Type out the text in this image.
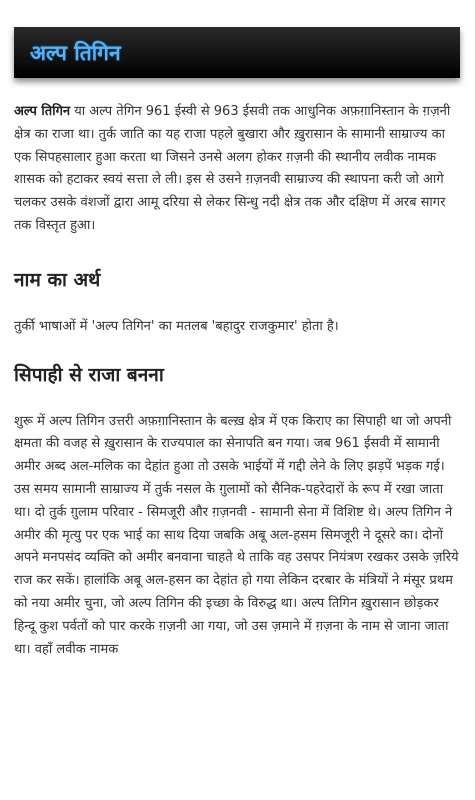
अल्प तिगिन

अल्प तिगिन या अल्प तेगिन 961 ईस्वी से 963 ईसवी तक आधुनिक अफ़ग़ानिस्तान के ग़ज़नी क्षेत्र का राजा था। तुर्क जाति का यह राजा पहले बुखारा और ख़ुरासान के सामानी साम्राज्य का एक सिपहसालार हुआ करता था जिसने उनसे अलग होकर ग़ज़नी की स्थानीय लवीक नामक शासक को हटाकर स्वयं सत्ता ले ली। इस से उसने ग़ज़नवी साम्राज्य की स्थापना करी जो आगे चलकर उसके वंशजों द्वारा आमू दरिया से लेकर सिन्धु नदी क्षेत्र तक और दक्षिण में अरब सागर तक विस्तृत हुआ।

नाम का अर्थ

तुर्की भाषाओं में 'अल्प तिगिन' का मतलब 'बहादुर राजकुमार' होता है।

सिपाही से राजा बनना

शुरू में अल्प तिगिन उत्तरी अफ़ग़ानिस्तान के बल्ख़ क्षेत्र में एक किराए का सिपाही था जो अपनी क्षमता की वजह से ख़ुरासान के राज्यपाल का सेनापति बन गया। जब 961 ईसवी में सामानी अमीर अब्द अल-मलिक का देहांत हुआ तो उसके भाईयों में गद्दी लेने के लिए झड़पें भड़क गई। उस समय सामानी साम्राज्य में तुर्क नसल के ग़ुलामों को सैनिक-पहरेदारों के रूप में रखा जाता था। दो तुर्क ग़ुलाम परिवार - सिमजूरी और ग़ज़नवी - सामानी सेना में विशिष्ट थे। अल्प तिगिन ने अमीर की मृत्यु पर एक भाई का साथ दिया जबकि अबू अल-हसम सिमजूरी ने दूसरे का। दोनों अपने मनपसंद व्यक्ति को अमीर बनवाना चाहते थे ताकि वह उसपर नियंत्रण रखकर उसके ज़रिये राज कर सकें। हालांकि अबू अल-हसन का देहांत हो गया लेकिन दरबार के मंत्रियों ने मंसूर प्रथम को नया अमीर चुना, जो अल्प तिगिन की इच्छा के विरुद्ध था। अल्प तिगिन ख़ुरासान छोड़कर हिन्दू कुश पर्वतों को पार करके ग़ज़नी आ गया, जो उस ज़माने में ग़ज़ना के नाम से जाना जाता था। वहाँ लवीक नामक
